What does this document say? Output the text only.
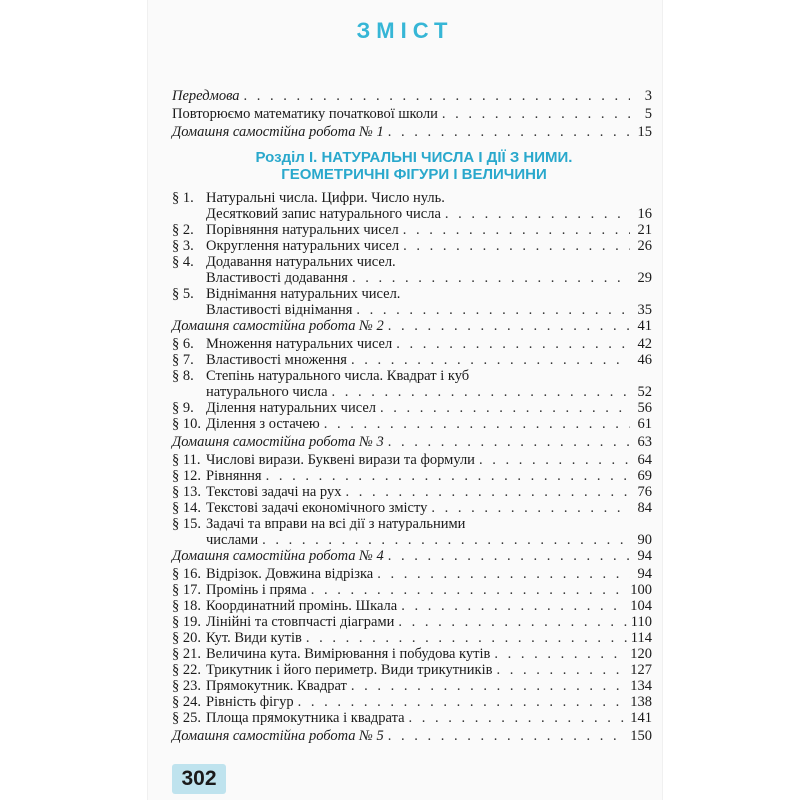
ЗМІСТ
Передмова . . .	3
Повторюємо математику початкової школи . . .	5
Домашня самостійна робота № 1 . . .	15
Розділ І. НАТУРАЛЬНІ ЧИСЛА І ДІЇ З НИМИ.
ГЕОМЕТРИЧНІ ФІГУРИ І ВЕЛИЧИНИ
§ 1. Натуральні числа. Цифри. Число нуль.
Десятковий запис натурального числа . . .	16
§ 2. Порівняння натуральних чисел . . .	21
§ 3. Округлення натуральних чисел . . .	26
§ 4. Додавання натуральних чисел.
Властивості додавання . . .	29
§ 5. Віднімання натуральних чисел.
Властивості віднімання . . .	35
Домашня самостійна робота № 2 . . .	41
§ 6. Множення натуральних чисел . . .	42
§ 7. Властивості множення . . .	46
§ 8. Степінь натурального числа. Квадрат і куб
натурального числа . . .	52
§ 9. Ділення натуральних чисел . . .	56
§ 10. Ділення з остачею . . .	61
Домашня самостійна робота № 3 . . .	63
§ 11. Числові вирази. Буквені вирази та формули . . .	64
§ 12. Рівняння . . .	69
§ 13. Текстові задачі на рух . . .	76
§ 14. Текстові задачі економічного змісту . . .	84
§ 15. Задачі та вправи на всі дії з натуральними
числами . . .	90
Домашня самостійна робота № 4 . . .	94
§ 16. Відрізок. Довжина відрізка . . .	94
§ 17. Промінь і пряма . . .	100
§ 18. Координатний промінь. Шкала . . .	104
§ 19. Лінійні та стовпчасті діаграми . . .	110
§ 20. Кут. Види кутів . . .	114
§ 21. Величина кута. Вимірювання і побудова кутів . . .	120
§ 22. Трикутник і його периметр. Види трикутників . . .	127
§ 23. Прямокутник. Квадрат . . .	134
§ 24. Рівність фігур . . .	138
§ 25. Площа прямокутника і квадрата . . .	141
Домашня самостійна робота № 5 . . .	150
302
